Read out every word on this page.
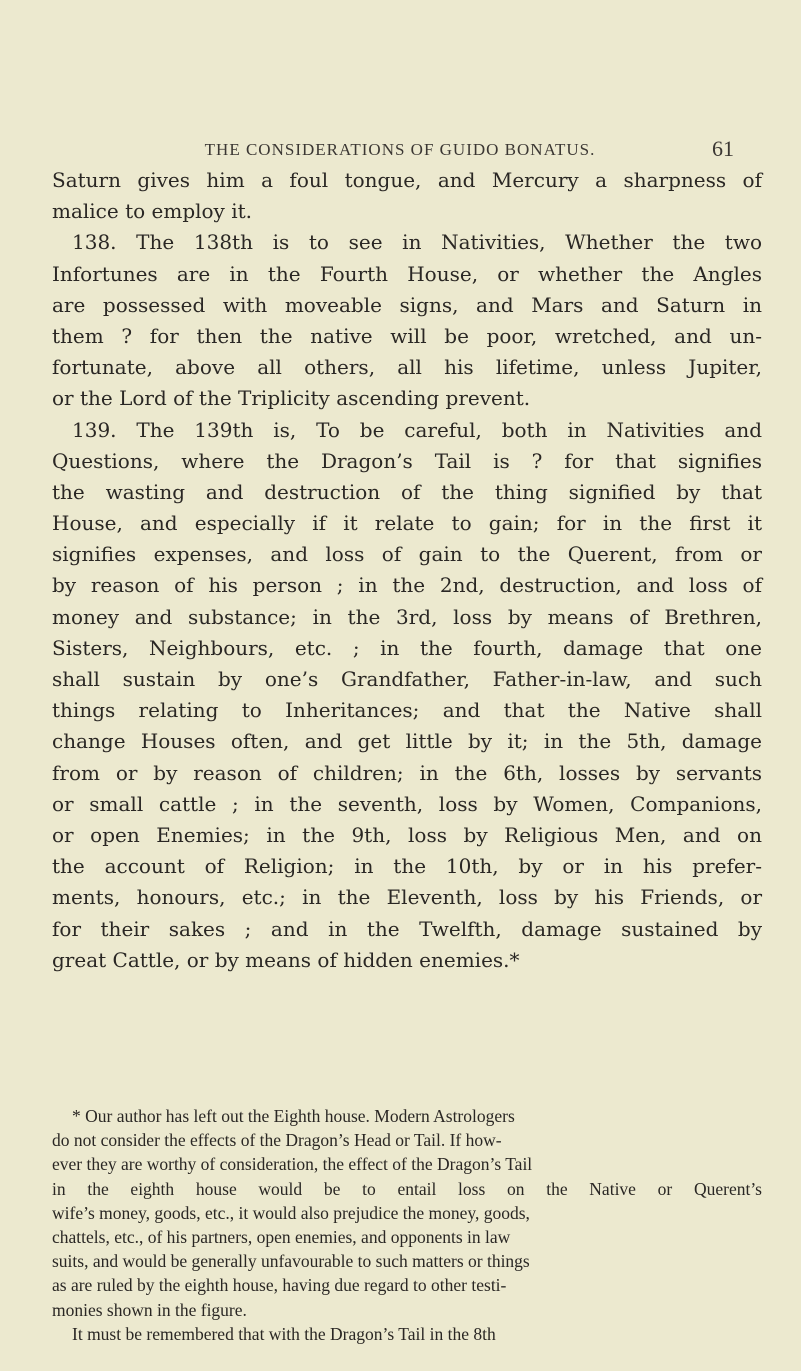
THE CONSIDERATIONS OF GUIDO BONATUS.	61
Saturn gives him a foul tongue, and Mercury a sharpness of
malice to employ it.
138. The 138th is to see in Nativities, Whether the two
Infortunes are in the Fourth House, or whether the Angles
are possessed with moveable signs, and Mars and Saturn in
them ? for then the native will be poor, wretched, and un-
fortunate, above all others, all his lifetime, unless Jupiter,
or the Lord of the Triplicity ascending prevent.
139. The 139th is, To be careful, both in Nativities and
Questions, where the Dragon’s Tail is ? for that signifies
the wasting and destruction of the thing signified by that
House, and especially if it relate to gain; for in the first it
signifies expenses, and loss of gain to the Querent, from or
by reason of his person ; in the 2nd, destruction, and loss of
money and substance; in the 3rd, loss by means of Brethren,
Sisters, Neighbours, etc. ; in the fourth, damage that one
shall sustain by one’s Grandfather, Father-in-law, and such
things relating to Inheritances; and that the Native shall
change Houses often, and get little by it; in the 5th, damage
from or by reason of children; in the 6th, losses by servants
or small cattle ; in the seventh, loss by Women, Companions,
or open Enemies; in the 9th, loss by Religious Men, and on
the account of Religion; in the 10th, by or in his prefer-
ments, honours, etc.; in the Eleventh, loss by his Friends, or
for their sakes ; and in the Twelfth, damage sustained by
great Cattle, or by means of hidden enemies.*
* Our author has left out the Eighth house. Modern Astrologers
do not consider the effects of the Dragon’s Head or Tail. If how-
ever they are worthy of consideration, the effect of the Dragon’s Tail
in the eighth house would be to entail loss on the Native or Querent’s
wife’s money, goods, etc., it would also prejudice the money, goods,
chattels, etc., of his partners, open enemies, and opponents in law
suits, and would be generally unfavourable to such matters or things
as are ruled by the eighth house, having due regard to other testi-
monies shown in the figure.
It must be remembered that with the Dragon’s Tail in the 8th
